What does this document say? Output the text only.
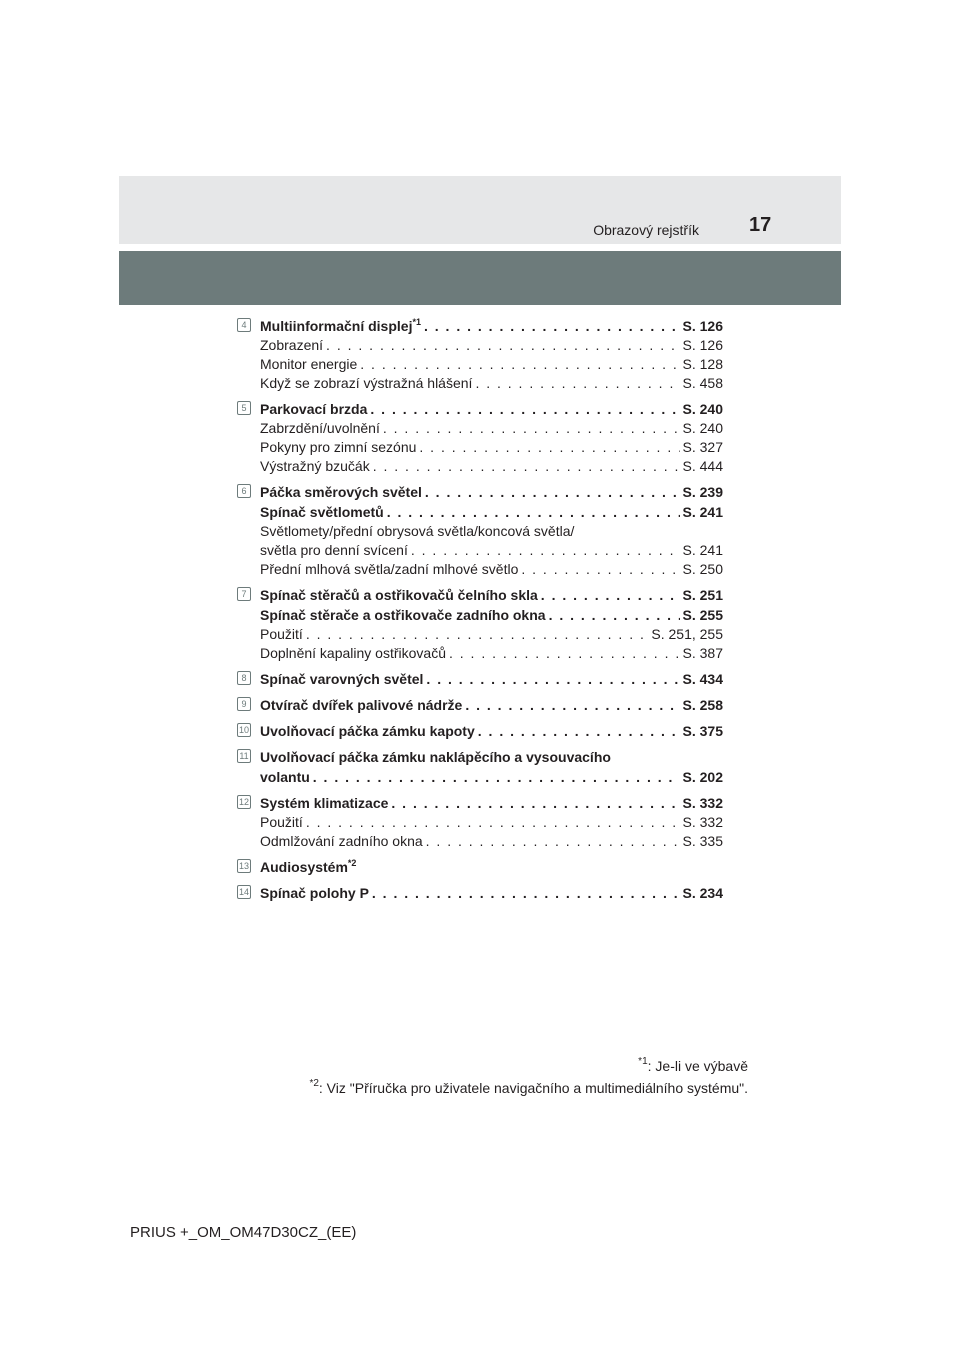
Obrazový rejstřík	17
4 Multiinformační displej$^{*1}$ . . .	S. 126
Zobrazení . . .	S. 126
Monitor energie . . .	S. 128
Když se zobrazí výstražná hlášení . . .	S. 458
5 Parkovací brzda . . .	S. 240
Zabrzdění/uvolnění . . .	S. 240
Pokyny pro zimní sezónu . . .	S. 327
Výstražný bzučák . . .	S. 444
6 Páčka směrových světel . . .	S. 239
Spínač světlometů . . .	S. 241
Světlomety/přední obrysová světla/koncová světla/
světla pro denní svícení . . .	S. 241
Přední mlhová světla/zadní mlhové světlo . . .	S. 250
7 Spínač stěračů a ostřikovačů čelního skla . . .	S. 251
Spínač stěrače a ostřikovače zadního okna . . .	S. 255
Použití . . .	S. 251, 255
Doplnění kapaliny ostřikovačů . . .	S. 387
8 Spínač varovných světel . . .	S. 434
9 Otvírač dvířek palivové nádrže . . .	S. 258
10 Uvolňovací páčka zámku kapoty . . .	S. 375
11 Uvolňovací páčka zámku naklápěcího a vysouvacího
volantu . . .	S. 202
12 Systém klimatizace . . .	S. 332
Použití . . .	S. 332
Odmlžování zadního okna . . .	S. 335
13 Audiosystém$^{*2}$
14 Spínač polohy P . . .	S. 234
$^{*1}$: Je-li ve výbavě
$^{*2}$: Viz "Příručka pro uživatele navigačního a multimediálního systému".
PRIUS +_OM_OM47D30CZ_(EE)
